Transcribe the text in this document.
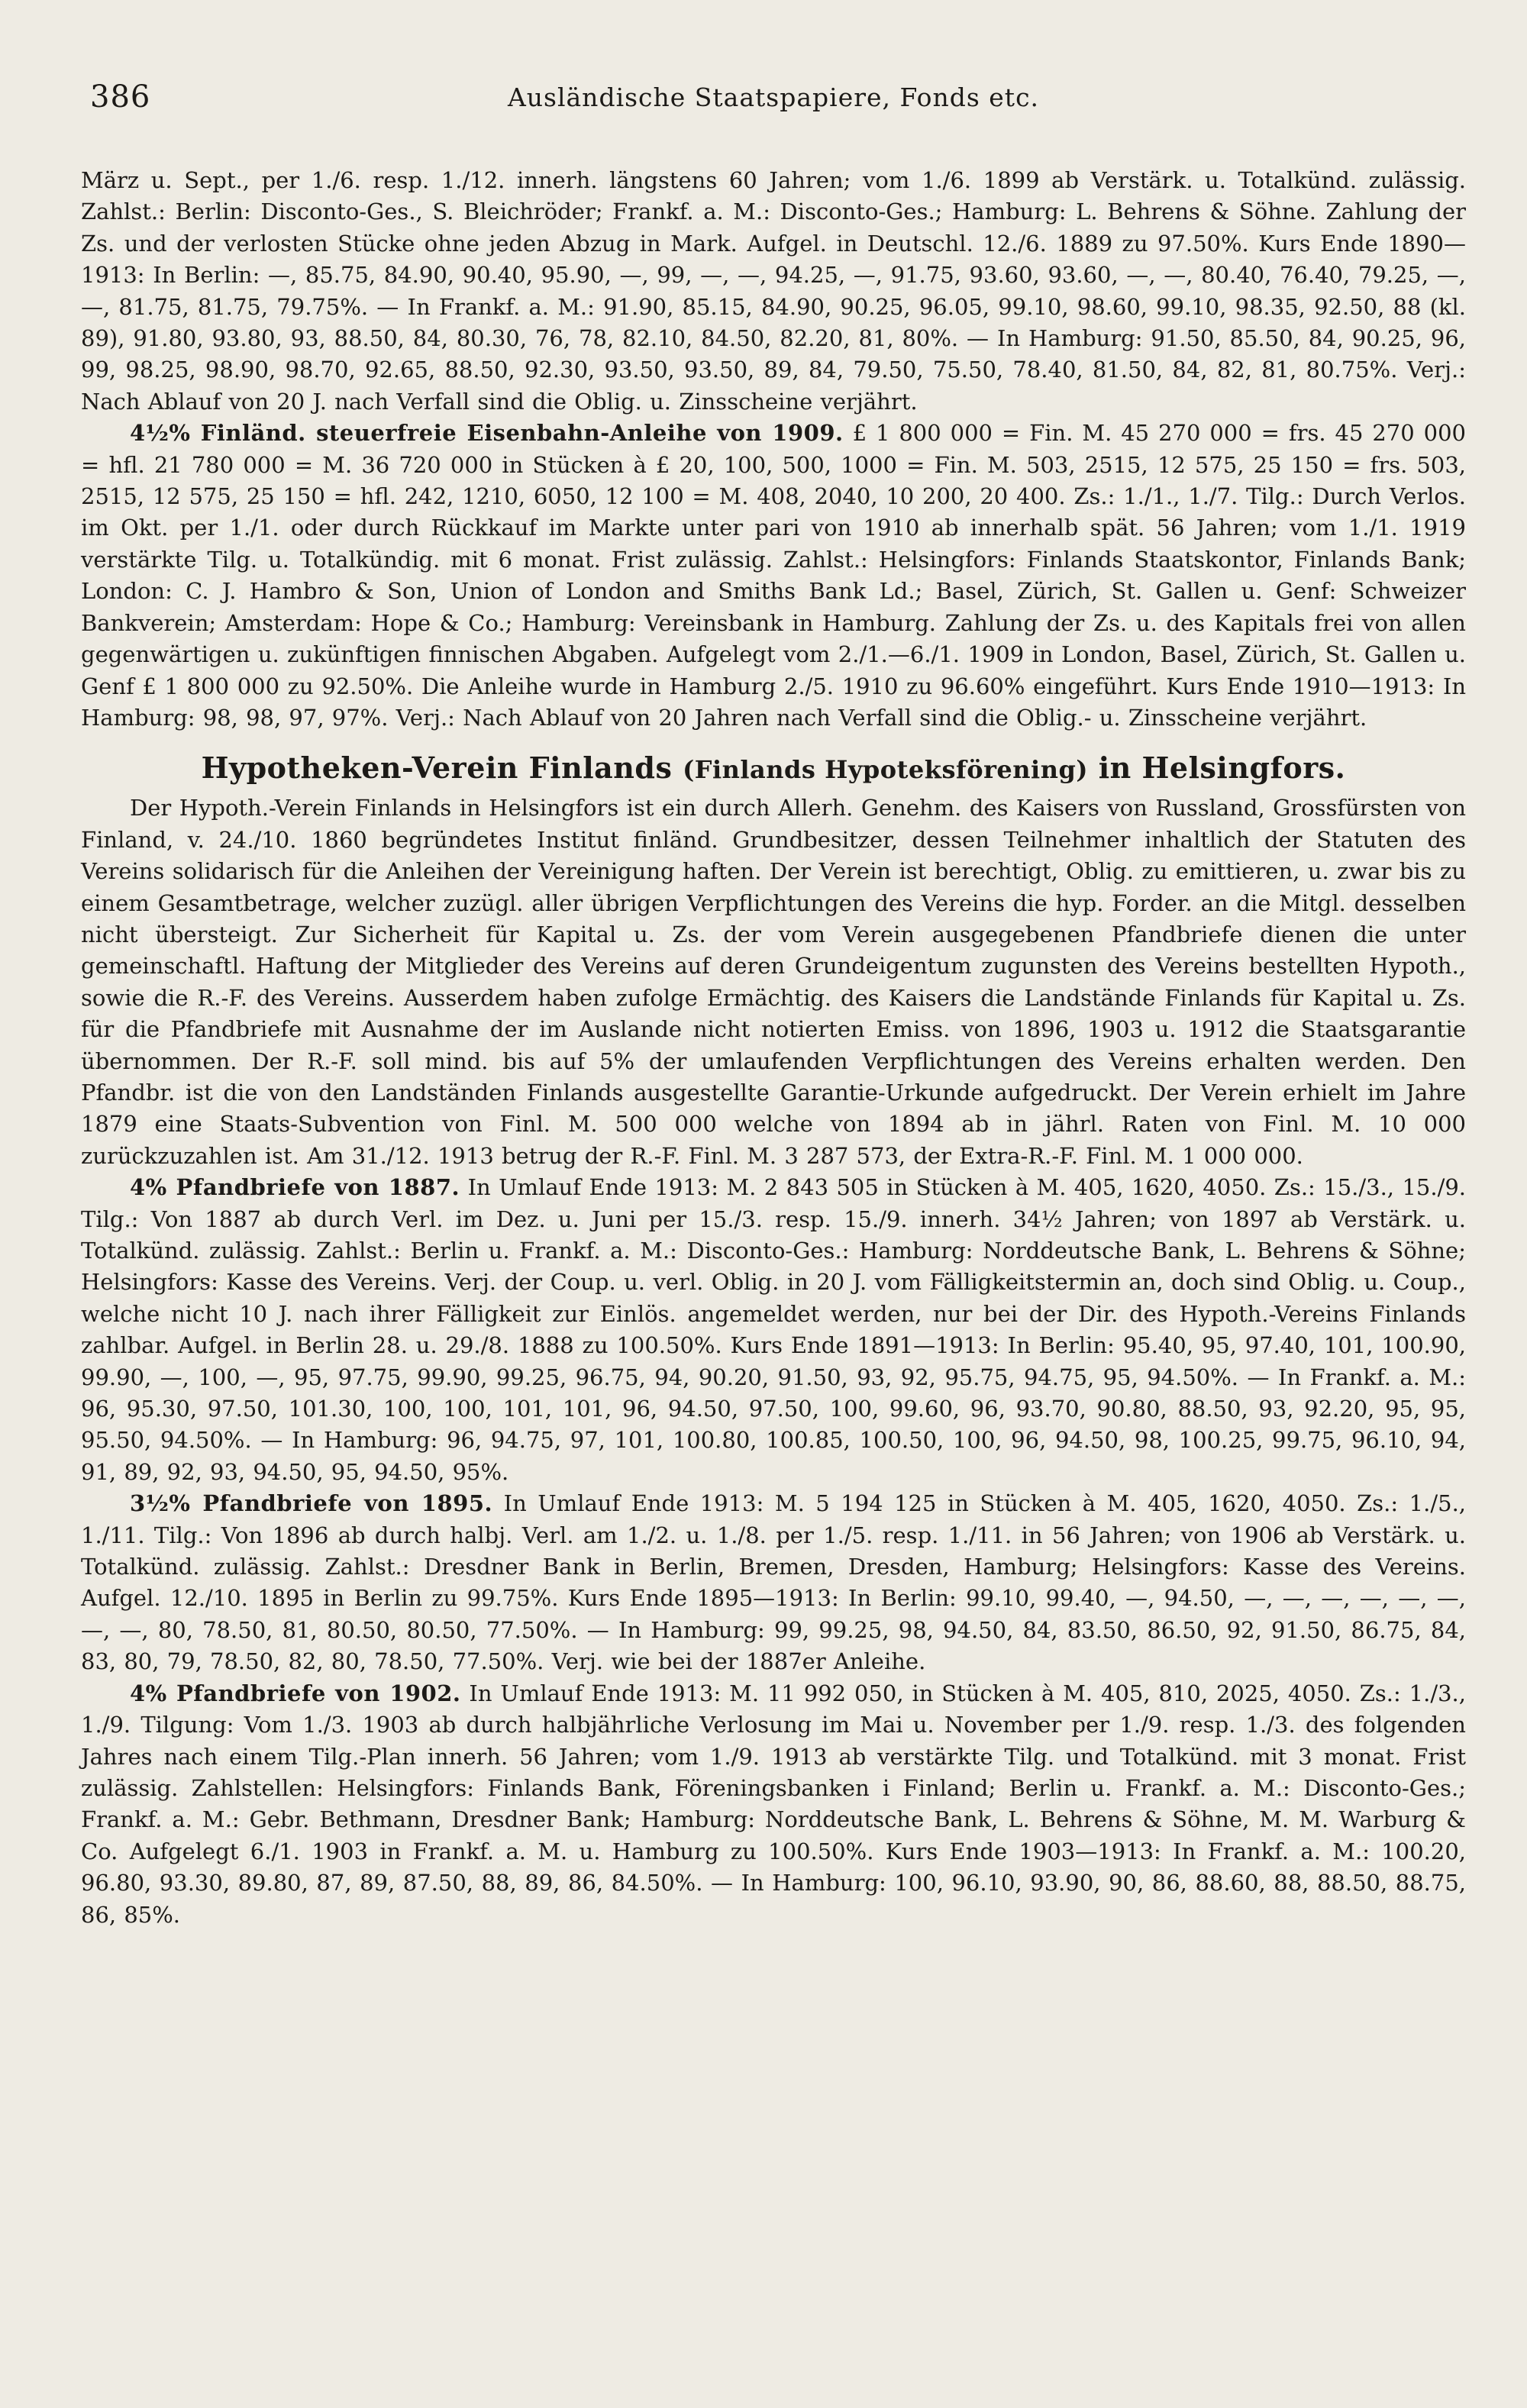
386	Ausländische Staatspapiere, Fonds etc.

März u. Sept., per 1./6. resp. 1./12. innerh. längstens 60 Jahren; vom 1./6. 1899 ab Verstärk. u. Totalkünd. zulässig. Zahlst.: Berlin: Disconto-Ges., S. Bleichröder; Frankf. a. M.: Disconto-Ges.; Hamburg: L. Behrens & Söhne. Zahlung der Zs. und der verlosten Stücke ohne jeden Abzug in Mark. Aufgel. in Deutschl. 12./6. 1889 zu 97.50%. Kurs Ende 1890—1913: In Berlin: —, 85.75, 84.90, 90.40, 95.90, —, 99, —, —, 94.25, —, 91.75, 93.60, 93.60, —, —, 80.40, 76.40, 79.25, —, —, 81.75, 81.75, 79.75%. — In Frankf. a. M.: 91.90, 85.15, 84.90, 90.25, 96.05, 99.10, 98.60, 99.10, 98.35, 92.50, 88 (kl. 89), 91.80, 93.80, 93, 88.50, 84, 80.30, 76, 78, 82.10, 84.50, 82.20, 81, 80%. — In Hamburg: 91.50, 85.50, 84, 90.25, 96, 99, 98.25, 98.90, 98.70, 92.65, 88.50, 92.30, 93.50, 93.50, 89, 84, 79.50, 75.50, 78.40, 81.50, 84, 82, 81, 80.75%. Verj.: Nach Ablauf von 20 J. nach Verfall sind die Oblig. u. Zinsscheine verjährt.

4½% Finländ. steuerfreie Eisenbahn-Anleihe von 1909. £ 1 800 000 = Fin. M. 45 270 000 = frs. 45 270 000 = hfl. 21 780 000 = M. 36 720 000 in Stücken à £ 20, 100, 500, 1000 = Fin. M. 503, 2515, 12 575, 25 150 = frs. 503, 2515, 12 575, 25 150 = hfl. 242, 1210, 6050, 12 100 = M. 408, 2040, 10 200, 20 400. Zs.: 1./1., 1./7. Tilg.: Durch Verlos. im Okt. per 1./1. oder durch Rückkauf im Markte unter pari von 1910 ab innerhalb spät. 56 Jahren; vom 1./1. 1919 verstärkte Tilg. u. Totalkündig. mit 6 monat. Frist zulässig. Zahlst.: Helsingfors: Finlands Staatskontor, Finlands Bank; London: C. J. Hambro & Son, Union of London and Smiths Bank Ld.; Basel, Zürich, St. Gallen u. Genf: Schweizer Bankverein; Amsterdam: Hope & Co.; Hamburg: Vereinsbank in Hamburg. Zahlung der Zs. u. des Kapitals frei von allen gegenwärtigen u. zukünftigen finnischen Abgaben. Aufgelegt vom 2./1.—6./1. 1909 in London, Basel, Zürich, St. Gallen u. Genf £ 1 800 000 zu 92.50%. Die Anleihe wurde in Hamburg 2./5. 1910 zu 96.60% eingeführt. Kurs Ende 1910—1913: In Hamburg: 98, 98, 97, 97%. Verj.: Nach Ablauf von 20 Jahren nach Verfall sind die Oblig.- u. Zinsscheine verjährt.

Hypotheken-Verein Finlands (Finlands Hypoteksförening) in Helsingfors.

Der Hypoth.-Verein Finlands in Helsingfors ist ein durch Allerh. Genehm. des Kaisers von Russland, Grossfürsten von Finland, v. 24./10. 1860 begründetes Institut finländ. Grundbesitzer, dessen Teilnehmer inhaltlich der Statuten des Vereins solidarisch für die Anleihen der Vereinigung haften. Der Verein ist berechtigt, Oblig. zu emittieren, u. zwar bis zu einem Gesamtbetrage, welcher zuzügl. aller übrigen Verpflichtungen des Vereins die hyp. Forder. an die Mitgl. desselben nicht übersteigt. Zur Sicherheit für Kapital u. Zs. der vom Verein ausgegebenen Pfandbriefe dienen die unter gemeinschaftl. Haftung der Mitglieder des Vereins auf deren Grundeigentum zugunsten des Vereins bestellten Hypoth., sowie die R.-F. des Vereins. Ausserdem haben zufolge Ermächtig. des Kaisers die Landstände Finlands für Kapital u. Zs. für die Pfandbriefe mit Ausnahme der im Auslande nicht notierten Emiss. von 1896, 1903 u. 1912 die Staatsgarantie übernommen. Der R.-F. soll mind. bis auf 5% der umlaufenden Verpflichtungen des Vereins erhalten werden. Den Pfandbr. ist die von den Landständen Finlands ausgestellte Garantie-Urkunde aufgedruckt. Der Verein erhielt im Jahre 1879 eine Staats-Subvention von Finl. M. 500 000 welche von 1894 ab in jährl. Raten von Finl. M. 10 000 zurückzuzahlen ist. Am 31./12. 1913 betrug der R.-F. Finl. M. 3 287 573, der Extra-R.-F. Finl. M. 1 000 000.

4% Pfandbriefe von 1887. In Umlauf Ende 1913: M. 2 843 505 in Stücken à M. 405, 1620, 4050. Zs.: 15./3., 15./9. Tilg.: Von 1887 ab durch Verl. im Dez. u. Juni per 15./3. resp. 15./9. innerh. 34½ Jahren; von 1897 ab Verstärk. u. Totalkünd. zulässig. Zahlst.: Berlin u. Frankf. a. M.: Disconto-Ges.: Hamburg: Norddeutsche Bank, L. Behrens & Söhne; Helsingfors: Kasse des Vereins. Verj. der Coup. u. verl. Oblig. in 20 J. vom Fälligkeitstermin an, doch sind Oblig. u. Coup., welche nicht 10 J. nach ihrer Fälligkeit zur Einlös. angemeldet werden, nur bei der Dir. des Hypoth.-Vereins Finlands zahlbar. Aufgel. in Berlin 28. u. 29./8. 1888 zu 100.50%. Kurs Ende 1891—1913: In Berlin: 95.40, 95, 97.40, 101, 100.90, 99.90, —, 100, —, 95, 97.75, 99.90, 99.25, 96.75, 94, 90.20, 91.50, 93, 92, 95.75, 94.75, 95, 94.50%. — In Frankf. a. M.: 96, 95.30, 97.50, 101.30, 100, 100, 101, 101, 96, 94.50, 97.50, 100, 99.60, 96, 93.70, 90.80, 88.50, 93, 92.20, 95, 95, 95.50, 94.50%. — In Hamburg: 96, 94.75, 97, 101, 100.80, 100.85, 100.50, 100, 96, 94.50, 98, 100.25, 99.75, 96.10, 94, 91, 89, 92, 93, 94.50, 95, 94.50, 95%.

3½% Pfandbriefe von 1895. In Umlauf Ende 1913: M. 5 194 125 in Stücken à M. 405, 1620, 4050. Zs.: 1./5., 1./11. Tilg.: Von 1896 ab durch halbj. Verl. am 1./2. u. 1./8. per 1./5. resp. 1./11. in 56 Jahren; von 1906 ab Verstärk. u. Totalkünd. zulässig. Zahlst.: Dresdner Bank in Berlin, Bremen, Dresden, Hamburg; Helsingfors: Kasse des Vereins. Aufgel. 12./10. 1895 in Berlin zu 99.75%. Kurs Ende 1895—1913: In Berlin: 99.10, 99.40, —, 94.50, —, —, —, —, —, —, —, —, 80, 78.50, 81, 80.50, 80.50, 77.50%. — In Hamburg: 99, 99.25, 98, 94.50, 84, 83.50, 86.50, 92, 91.50, 86.75, 84, 83, 80, 79, 78.50, 82, 80, 78.50, 77.50%. Verj. wie bei der 1887er Anleihe.

4% Pfandbriefe von 1902. In Umlauf Ende 1913: M. 11 992 050, in Stücken à M. 405, 810, 2025, 4050. Zs.: 1./3., 1./9. Tilgung: Vom 1./3. 1903 ab durch halbjährliche Verlosung im Mai u. November per 1./9. resp. 1./3. des folgenden Jahres nach einem Tilg.-Plan innerh. 56 Jahren; vom 1./9. 1913 ab verstärkte Tilg. und Totalkünd. mit 3 monat. Frist zulässig. Zahlstellen: Helsingfors: Finlands Bank, Föreningsbanken i Finland; Berlin u. Frankf. a. M.: Disconto-Ges.; Frankf. a. M.: Gebr. Bethmann, Dresdner Bank; Hamburg: Norddeutsche Bank, L. Behrens & Söhne, M. M. Warburg & Co. Aufgelegt 6./1. 1903 in Frankf. a. M. u. Hamburg zu 100.50%. Kurs Ende 1903—1913: In Frankf. a. M.: 100.20, 96.80, 93.30, 89.80, 87, 89, 87.50, 88, 89, 86, 84.50%. — In Hamburg: 100, 96.10, 93.90, 90, 86, 88.60, 88, 88.50, 88.75, 86, 85%.
